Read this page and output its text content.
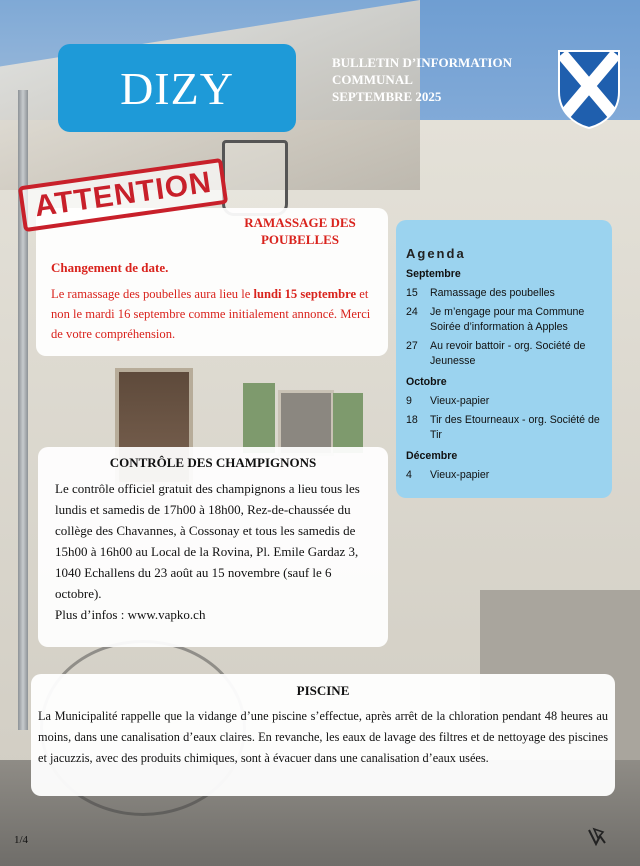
DIZY	BULLETIN D’INFORMATION
COMMUNAL
SEPTEMBRE 2025
ATTENTION	RAMASSAGE DES POUBELLES
Changement de date.
Le ramassage des poubelles aura lieu le lundi 15 septembre et non le mardi 16 septembre comme initialement annoncé. Merci de votre compréhension.
Agenda
Septembre
15	Ramassage des poubelles
24	Je m’engage pour ma Commune Soirée d’information à Apples
27	Au revoir battoir - org. Société de Jeunesse
Octobre
9	Vieux-papier
18	Tir des Etourneaux - org. Société de Tir
Décembre
4	Vieux-papier
CONTRÔLE DES CHAMPIGNONS
Le contrôle officiel gratuit des champignons a lieu tous les lundis et samedis de 17h00 à 18h00, Rez-de-chaussée du collège des Chavannes, à Cossonay et tous les samedis de 15h00 à 16h00 au Local de la Rovina, Pl. Emile Gardaz 3, 1040 Echallens du 23 août au 15 novembre (sauf le 6 octobre).
Plus d’infos : www.vapko.ch
PISCINE
La Municipalité rappelle que la vidange d’une piscine s’effectue, après arrêt de la chloration pendant 48 heures au moins, dans une canalisation d’eaux claires. En revanche, les eaux de lavage des filtres et de nettoyage des piscines et jacuzzis, avec des produits chimiques, sont à évacuer dans une canalisation d’eaux usées.
1/4
